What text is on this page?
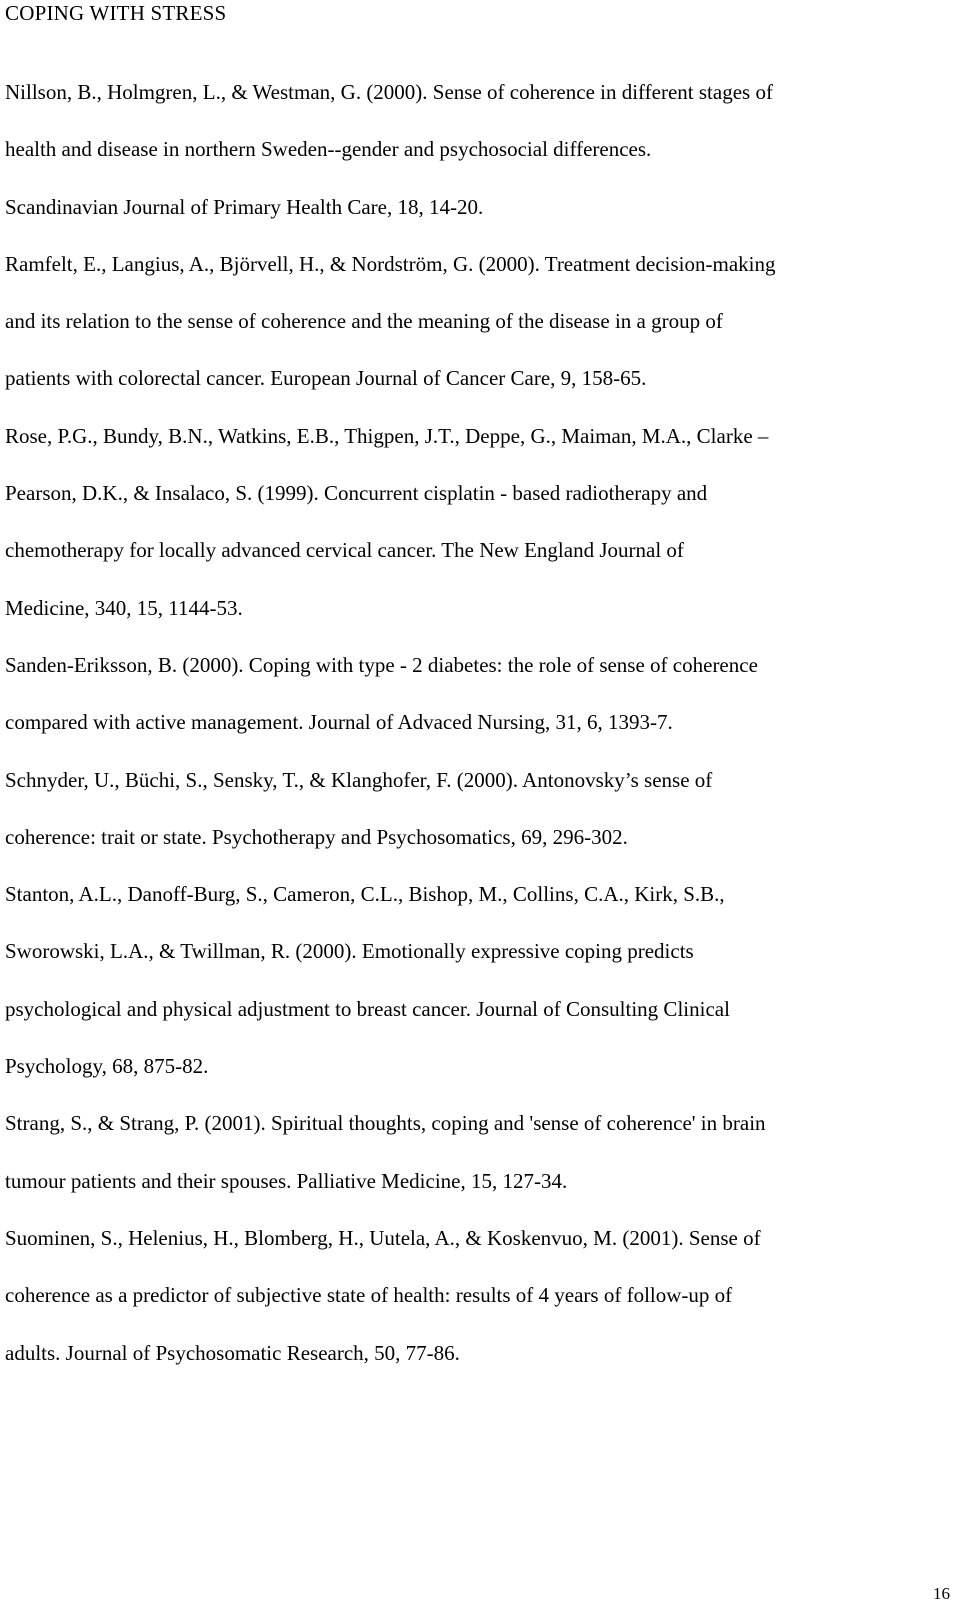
COPING WITH STRESS
Nillson, B., Holmgren, L., & Westman, G. (2000). Sense of coherence in different stages of
health and disease in northern Sweden--gender and psychosocial differences.
Scandinavian Journal of Primary Health Care, 18, 14-20.
Ramfelt, E., Langius, A., Björvell, H., & Nordström, G. (2000). Treatment decision-making
and its relation to the sense of coherence and the meaning of the disease in a group of
patients with colorectal cancer. European Journal of Cancer Care, 9, 158-65.
Rose, P.G., Bundy, B.N., Watkins, E.B., Thigpen, J.T., Deppe, G., Maiman, M.A., Clarke –
Pearson, D.K., & Insalaco, S. (1999). Concurrent cisplatin - based radiotherapy and
chemotherapy for locally advanced cervical cancer. The New England Journal of
Medicine, 340, 15, 1144-53.
Sanden-Eriksson, B. (2000). Coping with type - 2 diabetes: the role of sense of coherence
compared with active management. Journal of Advaced Nursing, 31, 6, 1393-7.
Schnyder, U., Büchi, S., Sensky, T., & Klanghofer, F. (2000). Antonovsky’s sense of
coherence: trait or state. Psychotherapy and Psychosomatics, 69, 296-302.
Stanton, A.L., Danoff-Burg, S., Cameron, C.L., Bishop, M., Collins, C.A., Kirk, S.B.,
Sworowski, L.A., & Twillman, R. (2000). Emotionally expressive coping predicts
psychological and physical adjustment to breast cancer. Journal of Consulting Clinical
Psychology, 68, 875-82.
Strang, S., & Strang, P. (2001). Spiritual thoughts, coping and 'sense of coherence' in brain
tumour patients and their spouses. Palliative Medicine, 15, 127-34.
Suominen, S., Helenius, H., Blomberg, H., Uutela, A., & Koskenvuo, M. (2001). Sense of
coherence as a predictor of subjective state of health: results of 4 years of follow-up of
adults. Journal of Psychosomatic Research, 50, 77-86.
16
